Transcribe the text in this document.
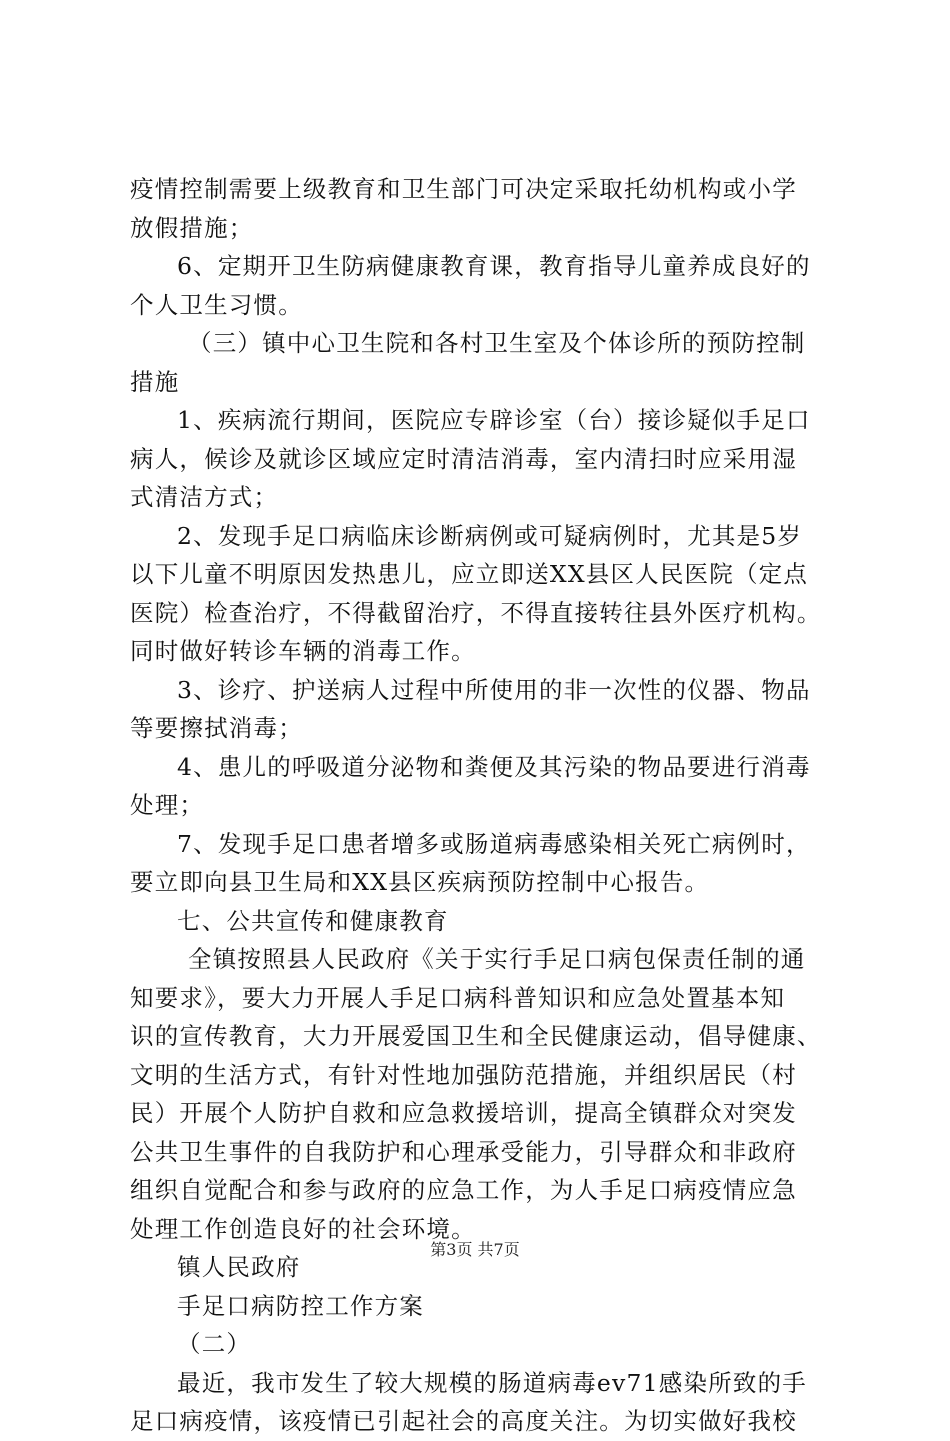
疫情控制需要上级教育和卫生部门可决定采取托幼机构或小学
放假措施；
6、定期开卫生防病健康教育课，教育指导儿童养成良好的
个人卫生习惯。
（三）镇中心卫生院和各村卫生室及个体诊所的预防控制
措施
1、疾病流行期间，医院应专辟诊室（台）接诊疑似手足口
病人，候诊及就诊区域应定时清洁消毒，室内清扫时应采用湿
式清洁方式；
2、发现手足口病临床诊断病例或可疑病例时，尤其是5岁
以下儿童不明原因发热患儿，应立即送XX县区人民医院（定点
医院）检查治疗，不得截留治疗，不得直接转往县外医疗机构。
同时做好转诊车辆的消毒工作。
3、诊疗、护送病人过程中所使用的非一次性的仪器、物品
等要擦拭消毒；
4、患儿的呼吸道分泌物和粪便及其污染的物品要进行消毒
处理；
7、发现手足口患者增多或肠道病毒感染相关死亡病例时，
要立即向县卫生局和XX县区疾病预防控制中心报告。
七、公共宣传和健康教育
全镇按照县人民政府《关于实行手足口病包保责任制的通
知要求》，要大力开展人手足口病科普知识和应急处置基本知
识的宣传教育，大力开展爱国卫生和全民健康运动，倡导健康、
文明的生活方式，有针对性地加强防范措施，并组织居民（村
民）开展个人防护自救和应急救援培训，提高全镇群众对突发
公共卫生事件的自我防护和心理承受能力，引导群众和非政府
组织自觉配合和参与政府的应急工作，为人手足口病疫情应急
处理工作创造良好的社会环境。
镇人民政府
手足口病防控工作方案
（二）
最近，我市发生了较大规模的肠道病毒ev71感染所致的手
足口病疫情，该疫情已引起社会的高度关注。为切实做好我校
第3页 共7页
